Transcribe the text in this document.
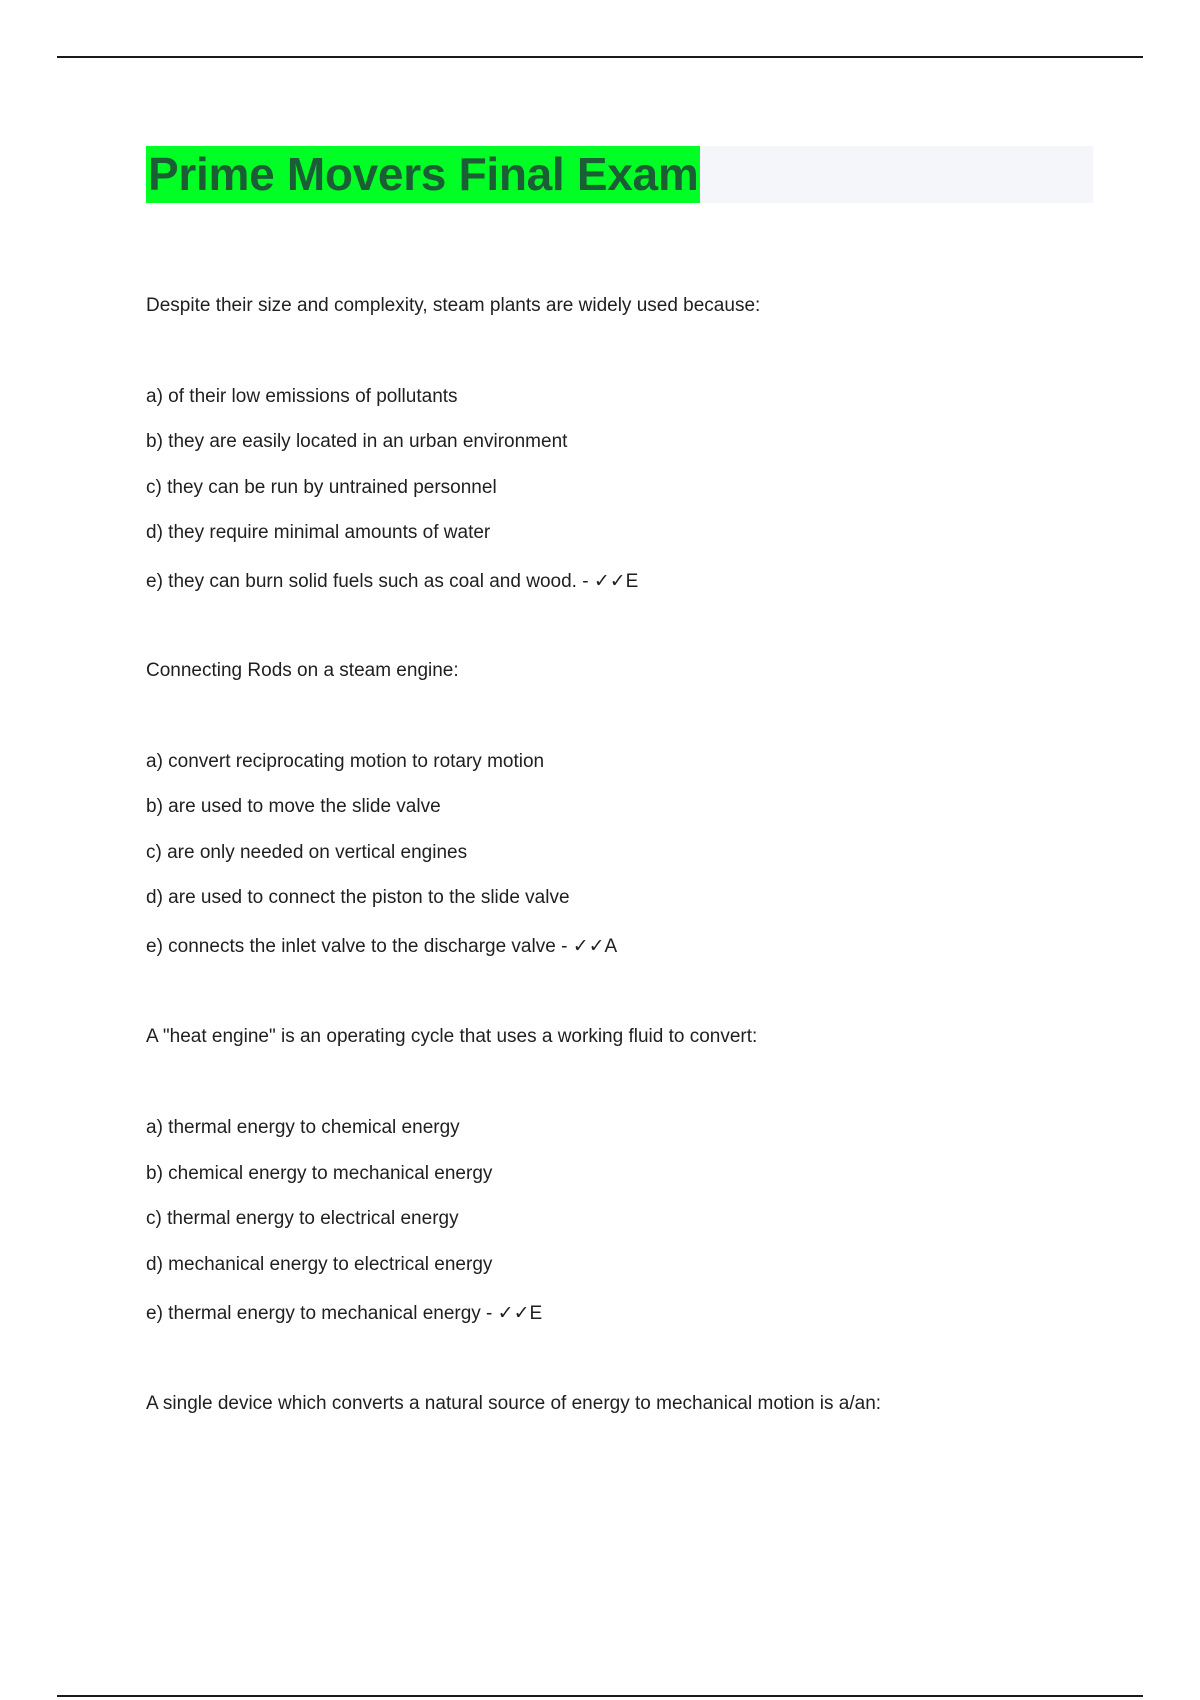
Prime Movers Final Exam
Despite their size and complexity, steam plants are widely used because:
a) of their low emissions of pollutants
b) they are easily located in an urban environment
c) they can be run by untrained personnel
d) they require minimal amounts of water
e) they can burn solid fuels such as coal and wood. - ✓✓E
Connecting Rods on a steam engine:
a) convert reciprocating motion to rotary motion
b) are used to move the slide valve
c) are only needed on vertical engines
d) are used to connect the piston to the slide valve
e) connects the inlet valve to the discharge valve - ✓✓A
A "heat engine" is an operating cycle that uses a working fluid to convert:
a) thermal energy to chemical energy
b) chemical energy to mechanical energy
c) thermal energy to electrical energy
d) mechanical energy to electrical energy
e) thermal energy to mechanical energy - ✓✓E
A single device which converts a natural source of energy to mechanical motion is a/an:
